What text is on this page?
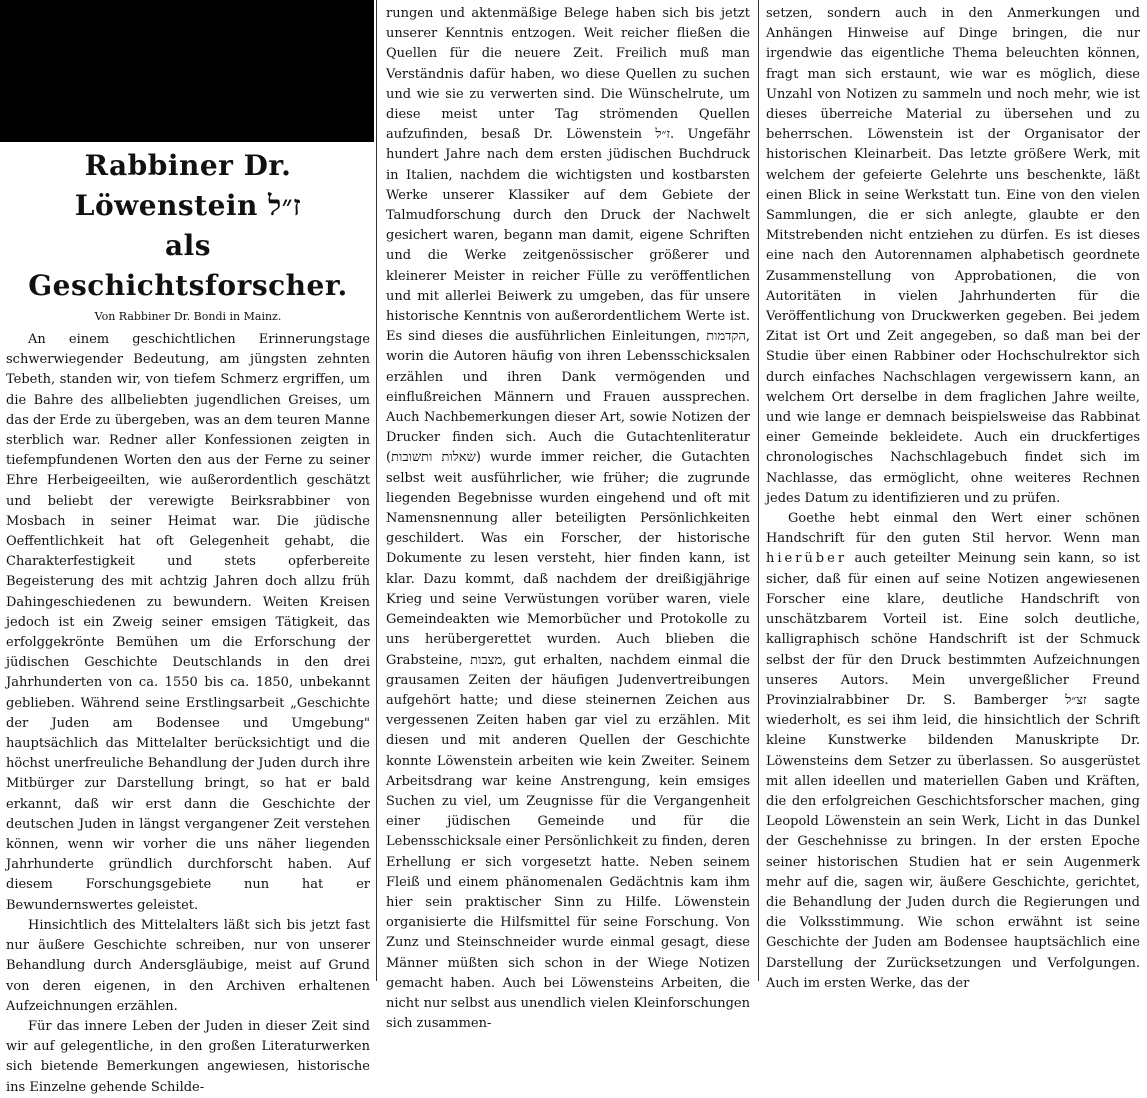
Rabbiner Dr. Löwenstein ז״ל
als Geschichtsforscher.
Von Rabbiner Dr. Bondi in Mainz.

An einem geschichtlichen Erinnerungstage schwerwiegender Bedeutung, am jüngsten zehnten Tebeth, standen wir, von tiefem Schmerz ergriffen, um die Bahre des allbeliebten jugendlichen Greises, um das der Erde zu übergeben, was an dem teuren Manne sterblich war. Redner aller Konfessionen zeigten in tiefempfundenen Worten den aus der Ferne zu seiner Ehre Herbeigeeilten, wie außerordentlich geschätzt und beliebt der verewigte Beirksrabbiner von Mosbach in seiner Heimat war. Die jüdische Oeffentlichkeit hat oft Gelegenheit gehabt, die Charakterfestigkeit und stets opferbereite Begeisterung des mit achtzig Jahren doch allzu früh Dahingeschiedenen zu bewundern. Weiten Kreisen jedoch ist ein Zweig seiner emsigen Tätigkeit, das erfolggekrönte Bemühen um die Erforschung der jüdischen Geschichte Deutschlands in den drei Jahrhunderten von ca. 1550 bis ca. 1850, unbekannt geblieben. Während seine Erstlingsarbeit „Geschichte der Juden am Bodensee und Umgebung" hauptsächlich das Mittelalter berücksichtigt und die höchst unerfreuliche Behandlung der Juden durch ihre Mitbürger zur Darstellung bringt, so hat er bald erkannt, daß wir erst dann die Geschichte der deutschen Juden in längst vergangener Zeit verstehen können, wenn wir vorher die uns näher liegenden Jahrhunderte gründlich durchforscht haben. Auf diesem Forschungsgebiete nun hat er Bewundernswertes geleistet.

Hinsichtlich des Mittelalters läßt sich bis jetzt fast nur äußere Geschichte schreiben, nur von unserer Behandlung durch Andersgläubige, meist auf Grund von deren eigenen, in den Archiven erhaltenen Aufzeichnungen erzählen.

Für das innere Leben der Juden in dieser Zeit sind wir auf gelegentliche, in den großen Literaturwerken sich bietende Bemerkungen angewiesen, historische ins Einzelne gehende Schilde-

rungen und aktenmäßige Belege haben sich bis jetzt unserer Kenntnis entzogen. Weit reicher fließen die Quellen für die neuere Zeit. Freilich muß man Verständnis dafür haben, wo diese Quellen zu suchen und wie sie zu verwerten sind. Die Wünschelrute, um diese meist unter Tag strömenden Quellen aufzufinden, besaß Dr. Löwenstein ז״ל. Ungefähr hundert Jahre nach dem ersten jüdischen Buchdruck in Italien, nachdem die wichtigsten und kostbarsten Werke unserer Klassiker auf dem Gebiete der Talmudforschung durch den Druck der Nachwelt gesichert waren, begann man damit, eigene Schriften und die Werke zeitgenössischer größerer und kleinerer Meister in reicher Fülle zu veröffentlichen und mit allerlei Beiwerk zu umgeben, das für unsere historische Kenntnis von außerordentlichem Werte ist. Es sind dieses die ausführlichen Einleitungen, הקדמות, worin die Autoren häufig von ihren Lebensschicksalen erzählen und ihren Dank vermögenden und einflußreichen Männern und Frauen aussprechen. Auch Nachbemerkungen dieser Art, sowie Notizen der Drucker finden sich. Auch die Gutachtenliteratur (שאלות ותשובות) wurde immer reicher, die Gutachten selbst weit ausführlicher, wie früher; die zugrunde liegenden Begebnisse wurden eingehend und oft mit Namensnennung aller beteiligten Persönlichkeiten geschildert. Was ein Forscher, der historische Dokumente zu lesen versteht, hier finden kann, ist klar. Dazu kommt, daß nachdem der dreißigjährige Krieg und seine Verwüstungen vorüber waren, viele Gemeindeakten wie Memorbücher und Protokolle zu uns herübergerettet wurden. Auch blieben die Grabsteine, מצבות, gut erhalten, nachdem einmal die grausamen Zeiten der häufigen Judenvertreibungen aufgehört hatte; und diese steinernen Zeichen aus vergessenen Zeiten haben gar viel zu erzählen. Mit diesen und mit anderen Quellen der Geschichte konnte Löwenstein arbeiten wie kein Zweiter. Seinem Arbeitsdrang war keine Anstrengung, kein emsiges Suchen zu viel, um Zeugnisse für die Vergangenheit einer jüdischen Gemeinde und für die Lebensschicksale einer Persönlichkeit zu finden, deren Erhellung er sich vorgesetzt hatte. Neben seinem Fleiß und einem phänomenalen Gedächtnis kam ihm hier sein praktischer Sinn zu Hilfe. Löwenstein organisierte die Hilfsmittel für seine Forschung. Von Zunz und Steinschneider wurde einmal gesagt, diese Männer müßten sich schon in der Wiege Notizen gemacht haben. Auch bei Löwensteins Arbeiten, die nicht nur selbst aus unendlich vielen Kleinforschungen sich zusammen-

setzen, sondern auch in den Anmerkungen und Anhängen Hinweise auf Dinge bringen, die nur irgendwie das eigentliche Thema beleuchten können, fragt man sich erstaunt, wie war es möglich, diese Unzahl von Notizen zu sammeln und noch mehr, wie ist dieses überreiche Material zu übersehen und zu beherrschen. Löwenstein ist der Organisator der historischen Kleinarbeit. Das letzte größere Werk, mit welchem der gefeierte Gelehrte uns beschenkte, läßt einen Blick in seine Werkstatt tun. Eine von den vielen Sammlungen, die er sich anlegte, glaubte er den Mitstrebenden nicht entziehen zu dürfen. Es ist dieses eine nach den Autorennamen alphabetisch geordnete Zusammenstellung von Approbationen, die von Autoritäten in vielen Jahrhunderten für die Veröffentlichung von Druckwerken gegeben. Bei jedem Zitat ist Ort und Zeit angegeben, so daß man bei der Studie über einen Rabbiner oder Hochschulrektor sich durch einfaches Nachschlagen vergewissern kann, an welchem Ort derselbe in dem fraglichen Jahre weilte, und wie lange er demnach beispielsweise das Rabbinat einer Gemeinde bekleidete. Auch ein druckfertiges chronologisches Nachschlagebuch findet sich im Nachlasse, das ermöglicht, ohne weiteres Rechnen jedes Datum zu identifizieren und zu prüfen.

Goethe hebt einmal den Wert einer schönen Handschrift für den guten Stil hervor. Wenn man hierüber auch geteilter Meinung sein kann, so ist sicher, daß für einen auf seine Notizen angewiesenen Forscher eine klare, deutliche Handschrift von unschätzbarem Vorteil ist. Eine solch deutliche, kalligraphisch schöne Handschrift ist der Schmuck selbst der für den Druck bestimmten Aufzeichnungen unseres Autors. Mein unvergeßlicher Freund Provinzialrabbiner Dr. S. Bamberger זצ״ל sagte wiederholt, es sei ihm leid, die hinsichtlich der Schrift kleine Kunstwerke bildenden Manuskripte Dr. Löwensteins dem Setzer zu überlassen. So ausgerüstet mit allen ideellen und materiellen Gaben und Kräften, die den erfolgreichen Geschichtsforscher machen, ging Leopold Löwenstein an sein Werk, Licht in das Dunkel der Geschehnisse zu bringen. In der ersten Epoche seiner historischen Studien hat er sein Augenmerk mehr auf die, sagen wir, äußere Geschichte, gerichtet, die Behandlung der Juden durch die Regierungen und die Volksstimmung. Wie schon erwähnt ist seine Geschichte der Juden am Bodensee hauptsächlich eine Darstellung der Zurücksetzungen und Verfolgungen. Auch im ersten Werke, das der
